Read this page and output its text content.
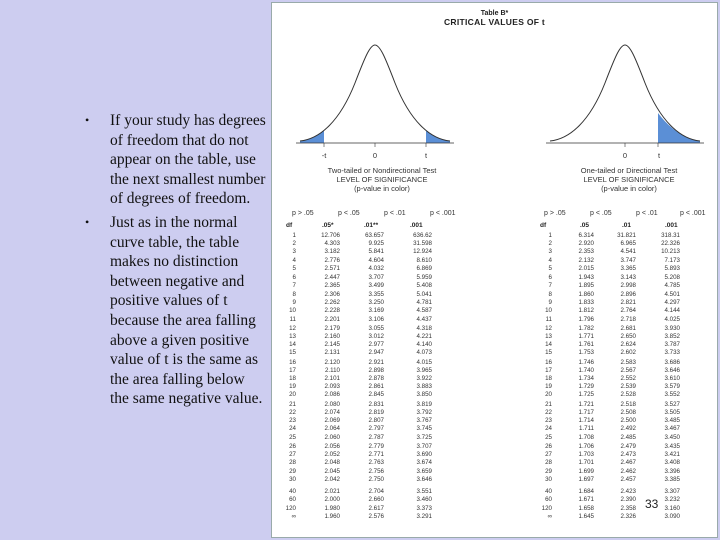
• If your study has degrees of freedom that do not appear on the table, use the next smallest number of degrees of freedom.
• Just as in the normal curve table, the table makes no distinction between negative and positive values of t because the area falling above a given positive value of t is the same as the area falling below the same negative value.
Table B*
CRITICAL VALUES OF t
-t	0	t
Two-tailed or Nondirectional Test
LEVEL OF SIGNIFICANCE
(p-value in color)
0	t
One-tailed or Directional Test
LEVEL OF SIGNIFICANCE
(p-value in color)
p > .05	p < .05	p < .01	p < .001	p > .05	p < .05	p < .01	p < .001
df	.05*	.01**	.001	df	.05	.01	.001
1	12.706	63.657	636.62	1	6.314	31.821	318.31
2	4.303	9.925	31.598	2	2.920	6.965	22.326
3	3.182	5.841	12.924	3	2.353	4.541	10.213
4	2.776	4.604	8.610	4	2.132	3.747	7.173
5	2.571	4.032	6.869	5	2.015	3.365	5.893
6	2.447	3.707	5.959	6	1.943	3.143	5.208
7	2.365	3.499	5.408	7	1.895	2.998	4.785
8	2.306	3.355	5.041	8	1.860	2.896	4.501
9	2.262	3.250	4.781	9	1.833	2.821	4.297
10	2.228	3.169	4.587	10	1.812	2.764	4.144
11	2.201	3.106	4.437	11	1.796	2.718	4.025
12	2.179	3.055	4.318	12	1.782	2.681	3.930
13	2.160	3.012	4.221	13	1.771	2.650	3.852
14	2.145	2.977	4.140	14	1.761	2.624	3.787
15	2.131	2.947	4.073	15	1.753	2.602	3.733
16	2.120	2.921	4.015	16	1.746	2.583	3.686
17	2.110	2.898	3.965	17	1.740	2.567	3.646
18	2.101	2.878	3.922	18	1.734	2.552	3.610
19	2.093	2.861	3.883	19	1.729	2.539	3.579
20	2.086	2.845	3.850	20	1.725	2.528	3.552
21	2.080	2.831	3.819	21	1.721	2.518	3.527
22	2.074	2.819	3.792	22	1.717	2.508	3.505
23	2.069	2.807	3.767	23	1.714	2.500	3.485
24	2.064	2.797	3.745	24	1.711	2.492	3.467
25	2.060	2.787	3.725	25	1.708	2.485	3.450
26	2.056	2.779	3.707	26	1.706	2.479	3.435
27	2.052	2.771	3.690	27	1.703	2.473	3.421
28	2.048	2.763	3.674	28	1.701	2.467	3.408
29	2.045	2.756	3.659	29	1.699	2.462	3.396
30	2.042	2.750	3.646	30	1.697	2.457	3.385
40	2.021	2.704	3.551	40	1.684	2.423	3.307
60	2.000	2.660	3.460	60	1.671	2.390	3.232
120	1.980	2.617	3.373	120	1.658	2.358	3.160
∞	1.960	2.576	3.291	∞	1.645	2.326	3.090
33
